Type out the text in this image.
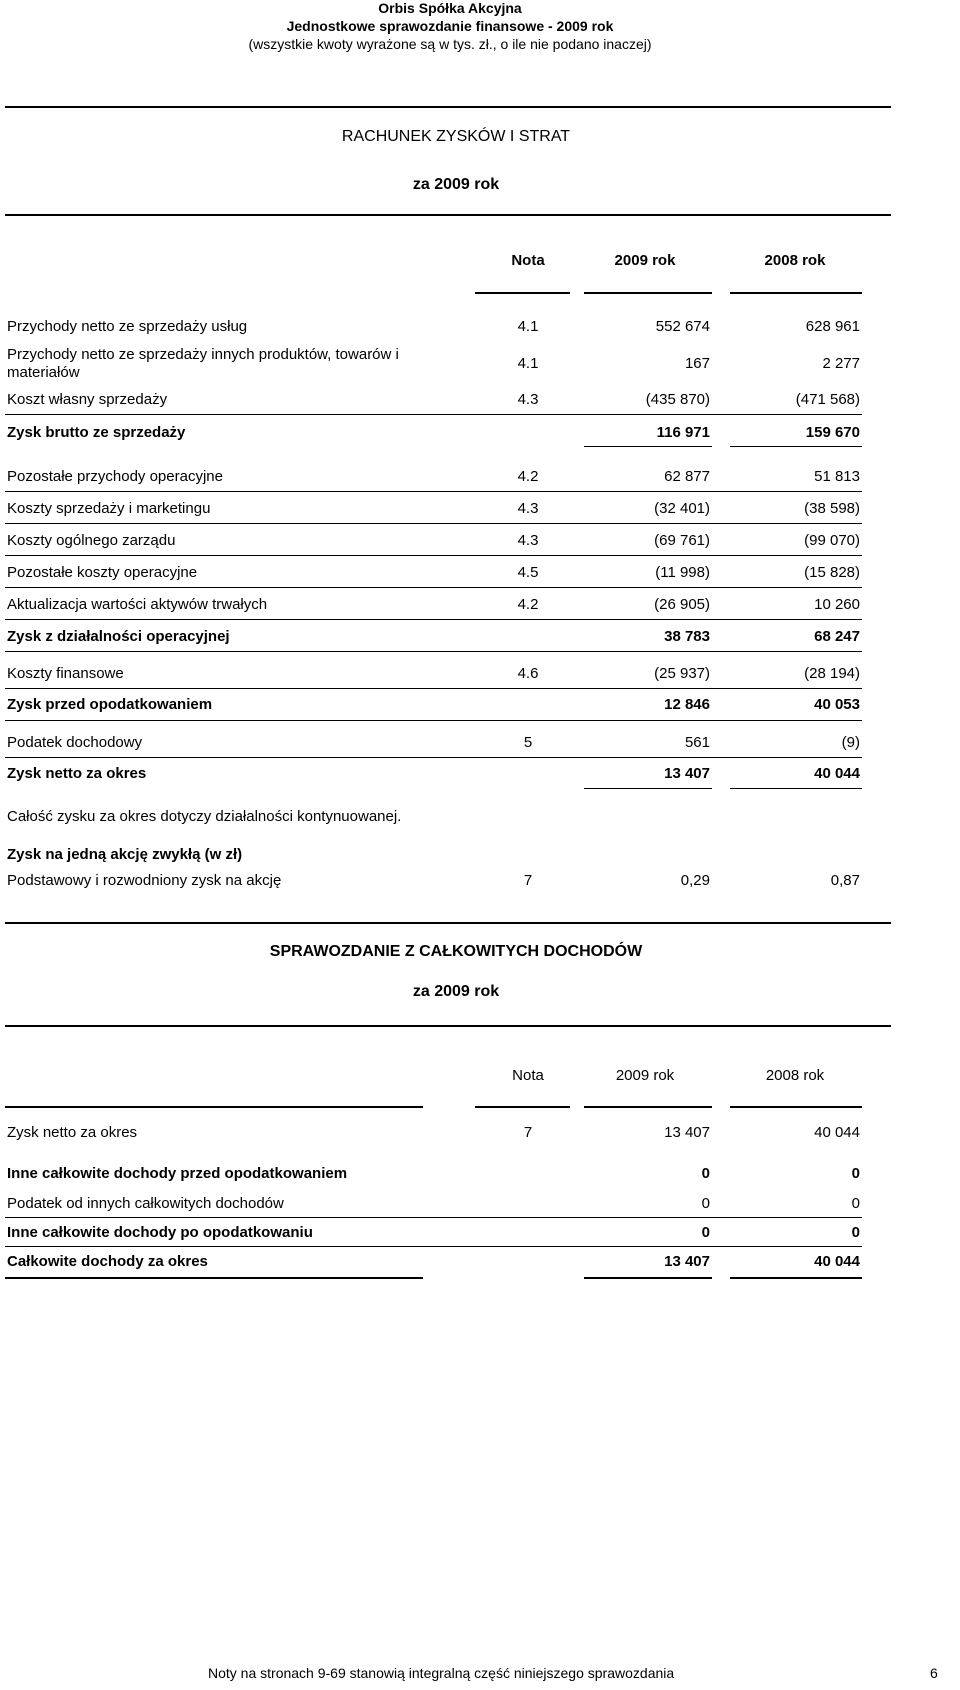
Orbis Spółka Akcyjna
Jednostkowe sprawozdanie finansowe - 2009 rok
(wszystkie kwoty wyrażone są w tys. zł., o ile nie podano inaczej)
RACHUNEK ZYSKÓW I STRAT
za 2009 rok
Nota	2009 rok	2008 rok
Przychody netto ze sprzedaży usług	4.1	552 674	628 961
Przychody netto ze sprzedaży innych produktów, towarów i
materiałów
4.1	167	2 277
Koszt własny sprzedaży	4.3	(435 870)	(471 568)
Zysk brutto ze sprzedaży	116 971	159 670
Pozostałe przychody operacyjne	4.2	62 877	51 813
Koszty sprzedaży i marketingu	4.3	(32 401)	(38 598)
Koszty ogólnego zarządu	4.3	(69 761)	(99 070)
Pozostałe koszty operacyjne	4.5	(11 998)	(15 828)
Aktualizacja wartości aktywów trwałych	4.2	(26 905)	10 260
Zysk z działalności operacyjnej	38 783	68 247
Koszty finansowe	4.6	(25 937)	(28 194)
Zysk przed opodatkowaniem	12 846	40 053
Podatek dochodowy	5	561	(9)
Zysk netto za okres	13 407	40 044
Całość zysku za okres dotyczy działalności kontynuowanej.
Zysk na jedną akcję zwykłą (w zł)
Podstawowy i rozwodniony zysk na akcję	7	0,29	0,87
SPRAWOZDANIE Z CAŁKOWITYCH DOCHODÓW
za 2009 rok
Nota	2009 rok	2008 rok
Zysk netto za okres	7	13 407	40 044
Inne całkowite dochody przed opodatkowaniem	0	0
Podatek od innych całkowitych dochodów	0	0
Inne całkowite dochody po opodatkowaniu	0	0
Całkowite dochody za okres	13 407	40 044
Noty na stronach 9-69 stanowią integralną część niniejszego sprawozdania	6
